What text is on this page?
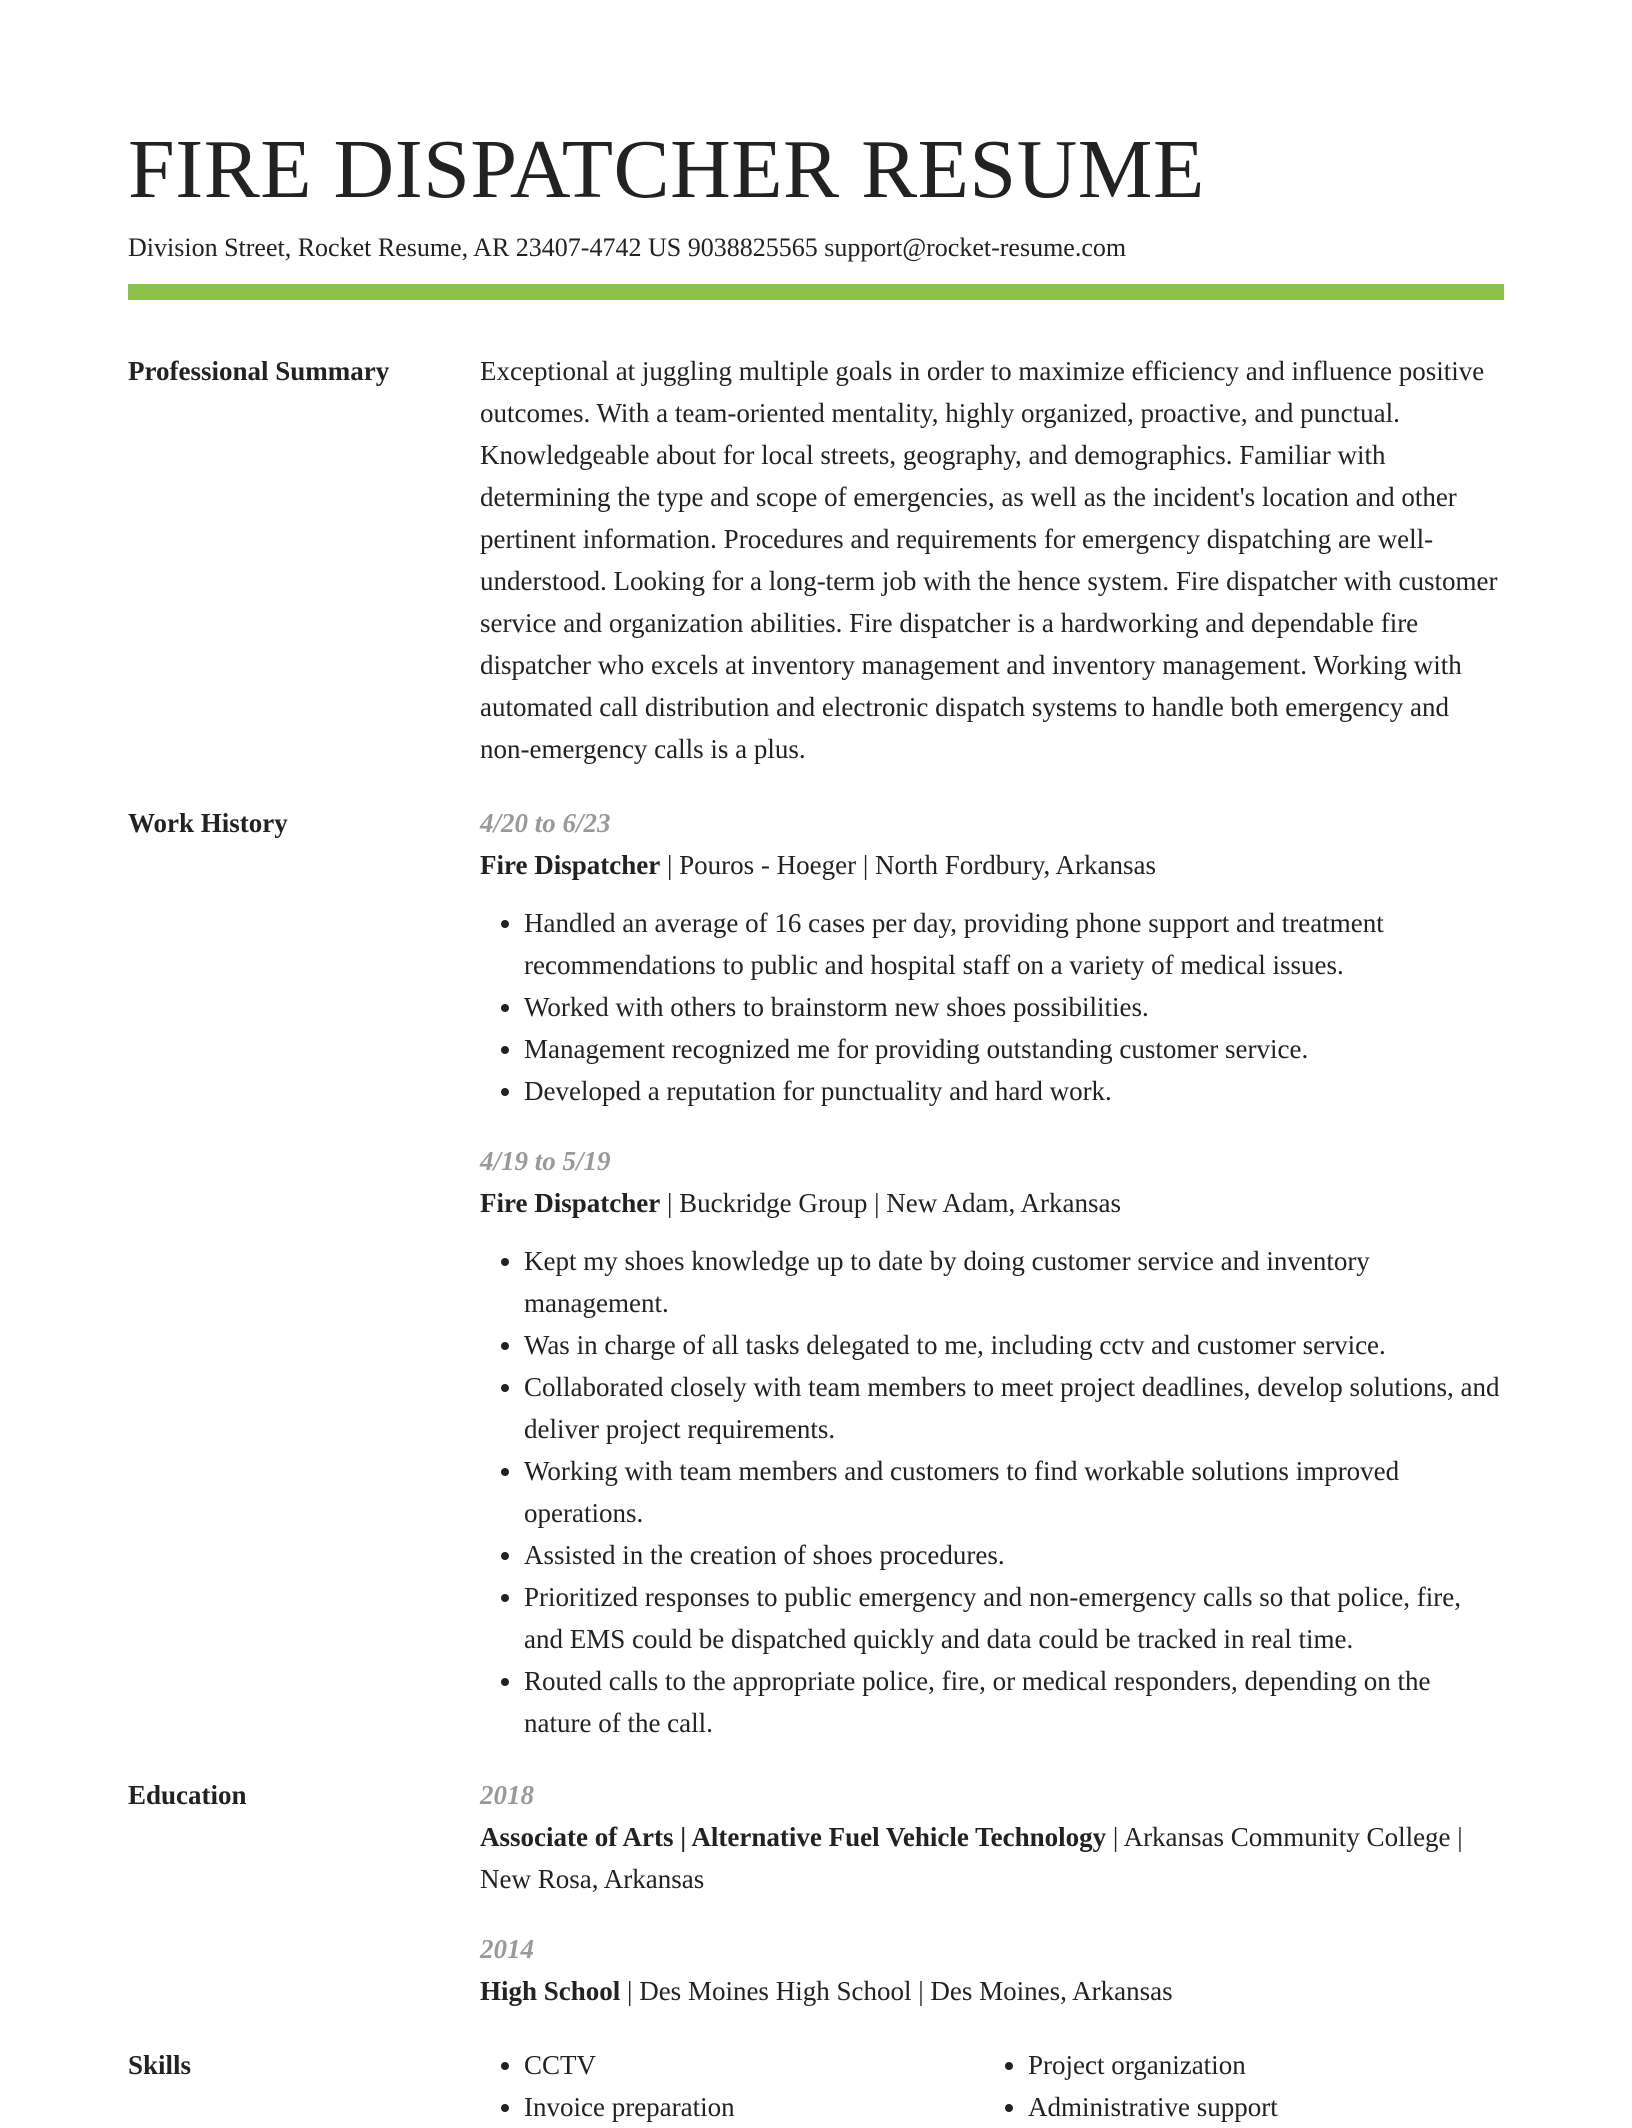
FIRE DISPATCHER RESUME
Division Street, Rocket Resume, AR 23407-4742 US 9038825565 support@rocket-resume.com
Professional Summary	Exceptional at juggling multiple goals in order to maximize efficiency and influence positive outcomes. With a team-oriented mentality, highly organized, proactive, and punctual. Knowledgeable about for local streets, geography, and demographics. Familiar with determining the type and scope of emergencies, as well as the incident's location and other pertinent information. Procedures and requirements for emergency dispatching are well-understood. Looking for a long-term job with the hence system. Fire dispatcher with customer service and organization abilities. Fire dispatcher is a hardworking and dependable fire dispatcher who excels at inventory management and inventory management. Working with automated call distribution and electronic dispatch systems to handle both emergency and non-emergency calls is a plus.
Work History	4/20 to 6/23
Fire Dispatcher | Pouros - Hoeger | North Fordbury, Arkansas
• Handled an average of 16 cases per day, providing phone support and treatment recommendations to public and hospital staff on a variety of medical issues.
• Worked with others to brainstorm new shoes possibilities.
• Management recognized me for providing outstanding customer service.
• Developed a reputation for punctuality and hard work.
4/19 to 5/19
Fire Dispatcher | Buckridge Group | New Adam, Arkansas
• Kept my shoes knowledge up to date by doing customer service and inventory management.
• Was in charge of all tasks delegated to me, including cctv and customer service.
• Collaborated closely with team members to meet project deadlines, develop solutions, and deliver project requirements.
• Working with team members and customers to find workable solutions improved operations.
• Assisted in the creation of shoes procedures.
• Prioritized responses to public emergency and non-emergency calls so that police, fire, and EMS could be dispatched quickly and data could be tracked in real time.
• Routed calls to the appropriate police, fire, or medical responders, depending on the nature of the call.
Education	2018
Associate of Arts | Alternative Fuel Vehicle Technology | Arkansas Community College | New Rosa, Arkansas
2014
High School | Des Moines High School | Des Moines, Arkansas
Skills
•	CCTV
• Invoice preparation
• Project organization
• Administrative support
